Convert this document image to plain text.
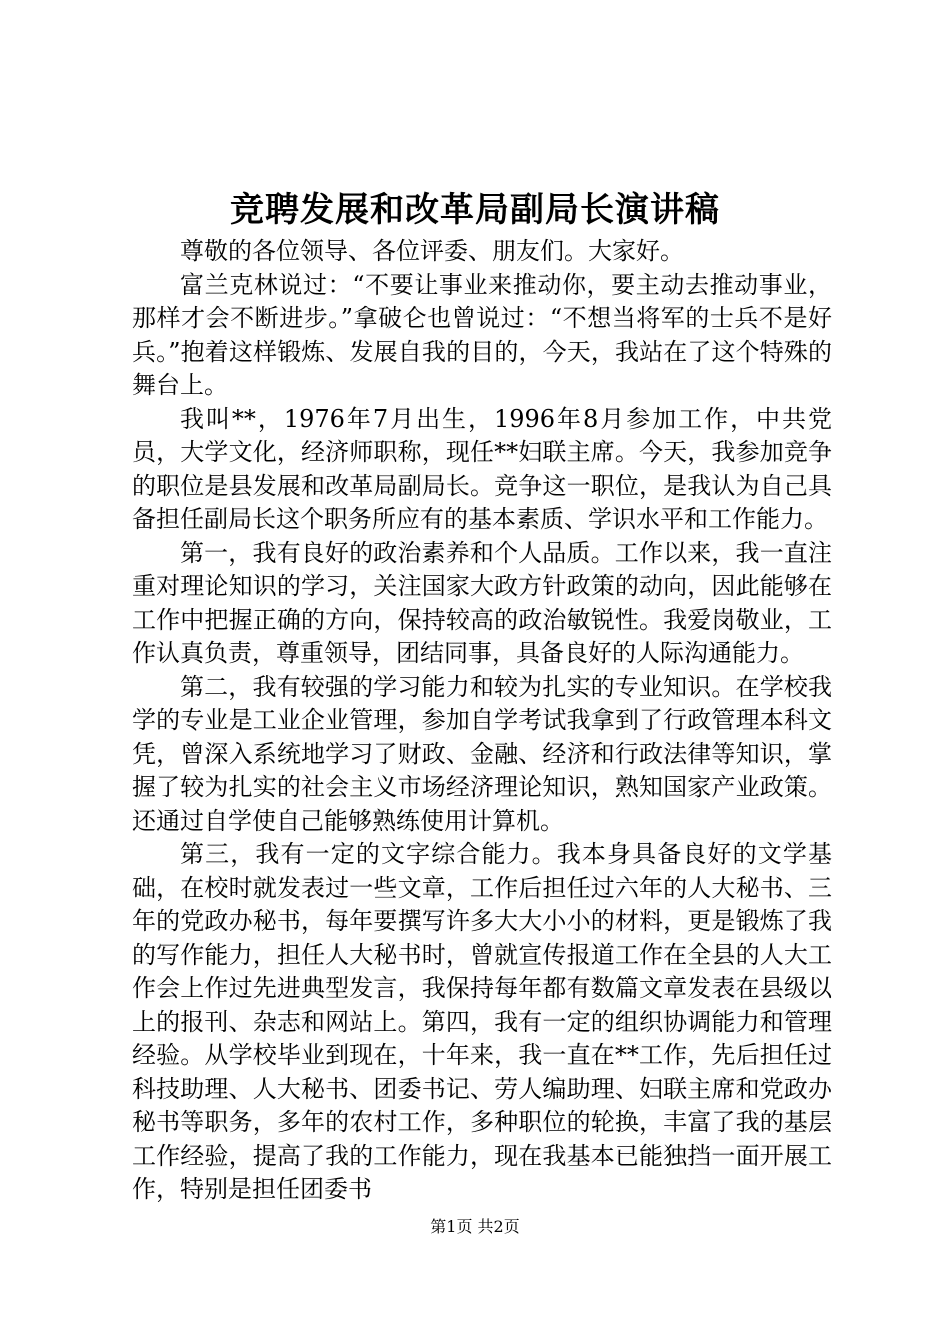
竞聘发展和改革局副局长演讲稿

尊敬的各位领导、各位评委、朋友们。大家好。

富兰克林说过：“不要让事业来推动你，要主动去推动事业，那样才会不断进步。”拿破仑也曾说过：“不想当将军的士兵不是好兵。”抱着这样锻炼、发展自我的目的，今天，我站在了这个特殊的舞台上。

我叫**，1976年7月出生，1996年8月参加工作，中共党员，大学文化，经济师职称，现任**妇联主席。今天，我参加竞争的职位是县发展和改革局副局长。竞争这一职位，是我认为自己具备担任副局长这个职务所应有的基本素质、学识水平和工作能力。

第一，我有良好的政治素养和个人品质。工作以来，我一直注重对理论知识的学习，关注国家大政方针政策的动向，因此能够在工作中把握正确的方向，保持较高的政治敏锐性。我爱岗敬业，工作认真负责，尊重领导，团结同事，具备良好的人际沟通能力。

第二，我有较强的学习能力和较为扎实的专业知识。在学校我学的专业是工业企业管理，参加自学考试我拿到了行政管理本科文凭，曾深入系统地学习了财政、金融、经济和行政法律等知识，掌握了较为扎实的社会主义市场经济理论知识，熟知国家产业政策。还通过自学使自己能够熟练使用计算机。

第三，我有一定的文字综合能力。我本身具备良好的文学基础，在校时就发表过一些文章，工作后担任过六年的人大秘书、三年的党政办秘书，每年要撰写许多大大小小的材料，更是锻炼了我的写作能力，担任人大秘书时，曾就宣传报道工作在全县的人大工作会上作过先进典型发言，我保持每年都有数篇文章发表在县级以上的报刊、杂志和网站上。第四，我有一定的组织协调能力和管理经验。从学校毕业到现在，十年来，我一直在**工作，先后担任过科技助理、人大秘书、团委书记、劳人编助理、妇联主席和党政办秘书等职务，多年的农村工作，多种职位的轮换，丰富了我的基层工作经验，提高了我的工作能力，现在我基本已能独挡一面开展工作，特别是担任团委书

第1页 共2页
